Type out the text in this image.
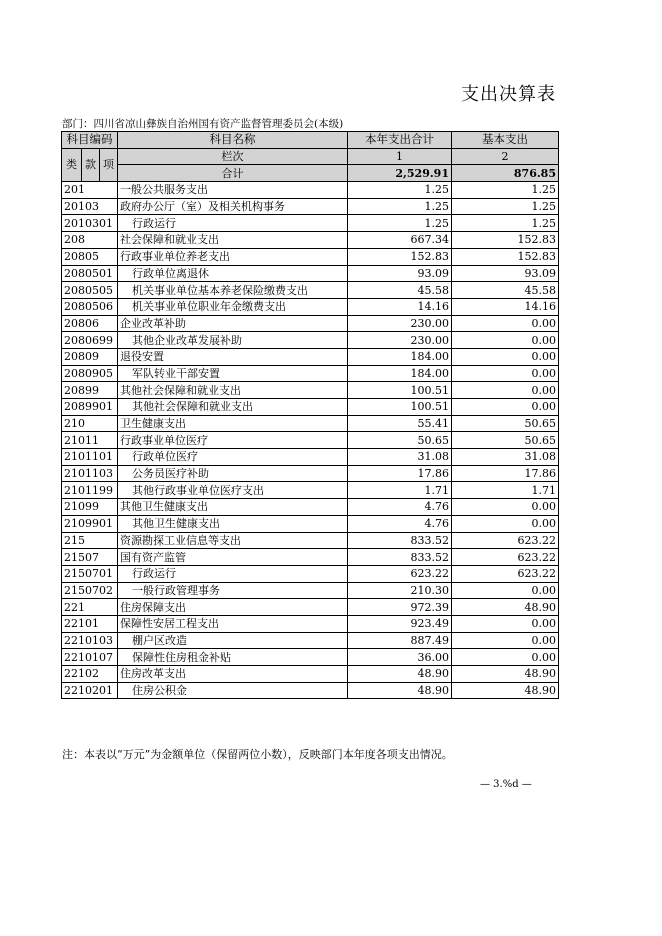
支出决算表
部门：四川省凉山彝族自治州国有资产监督管理委员会(本级)
科目编码			科目名称	本年支出合计	基本支出
类	款	项	栏次	1	2
			合计	2,529.91	876.85
201			一般公共服务支出	1.25	1.25
20103			政府办公厅（室）及相关机构事务	1.25	1.25
2010301			行政运行	1.25	1.25
208			社会保障和就业支出	667.34	152.83
20805			行政事业单位养老支出	152.83	152.83
2080501			行政单位离退休	93.09	93.09
2080505			机关事业单位基本养老保险缴费支出	45.58	45.58
2080506			机关事业单位职业年金缴费支出	14.16	14.16
20806			企业改革补助	230.00	0.00
2080699			其他企业改革发展补助	230.00	0.00
20809			退役安置	184.00	0.00
2080905			军队转业干部安置	184.00	0.00
20899			其他社会保障和就业支出	100.51	0.00
2089901			其他社会保障和就业支出	100.51	0.00
210			卫生健康支出	55.41	50.65
21011			行政事业单位医疗	50.65	50.65
2101101			行政单位医疗	31.08	31.08
2101103			公务员医疗补助	17.86	17.86
2101199			其他行政事业单位医疗支出	1.71	1.71
21099			其他卫生健康支出	4.76	0.00
2109901			其他卫生健康支出	4.76	0.00
215			资源勘探工业信息等支出	833.52	623.22
21507			国有资产监管	833.52	623.22
2150701			行政运行	623.22	623.22
2150702			一般行政管理事务	210.30	0.00
221			住房保障支出	972.39	48.90
22101			保障性安居工程支出	923.49	0.00
2210103			棚户区改造	887.49	0.00
2210107			保障性住房租金补贴	36.00	0.00
22102			住房改革支出	48.90	48.90
2210201			住房公积金	48.90	48.90
注：本表以“万元”为金额单位（保留两位小数），反映部门本年度各项支出情况。
— 3.%d —
